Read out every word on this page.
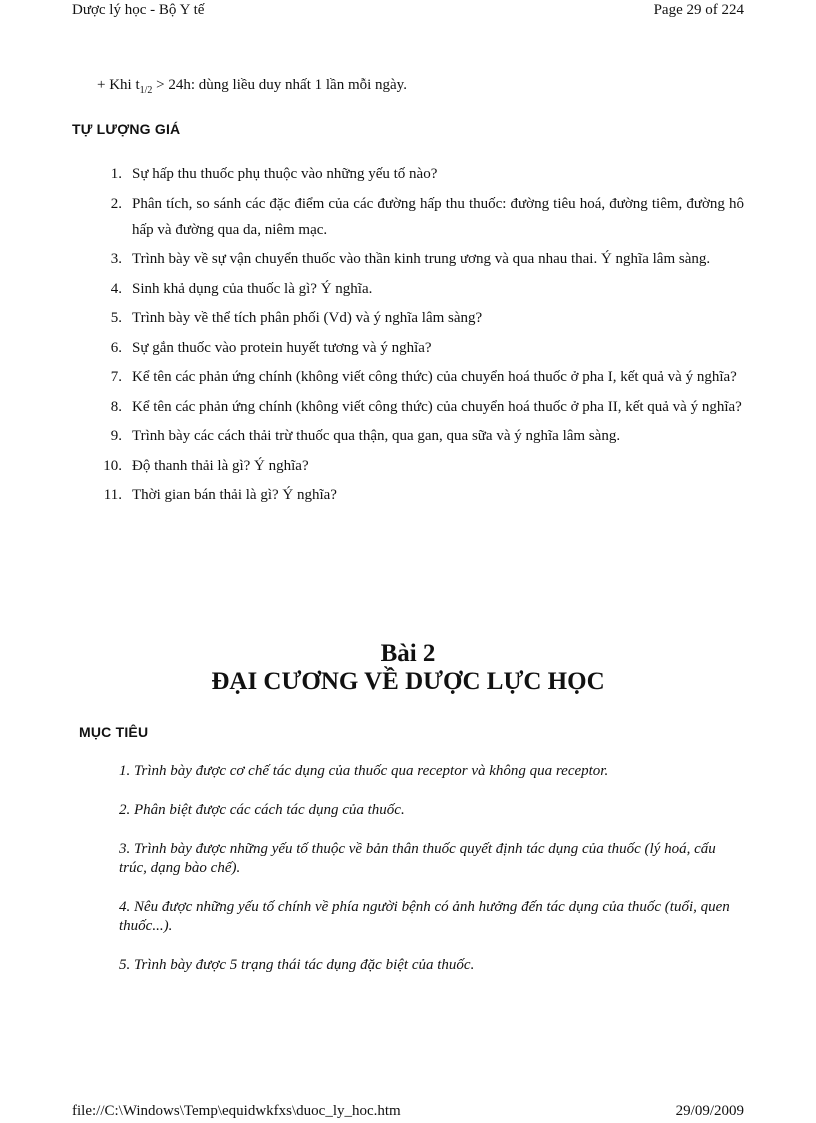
Dược lý học - Bộ Y tế	Page 29 of 224
+ Khi $t_{1/2} > 24h$: dùng liều duy nhất 1 lần mỗi ngày.
TỰ LƯỢNG GIÁ
1. Sự hấp thu thuốc phụ thuộc vào những yếu tố nào?
2. Phân tích, so sánh các đặc điểm của các đường hấp thu thuốc: đường tiêu hoá, đường tiêm, đường hô hấp và đường qua da, niêm mạc.
3. Trình bày về sự vận chuyển thuốc vào thần kinh trung ương và qua nhau thai. Ý nghĩa lâm sàng.
4. Sinh khả dụng của thuốc là gì? Ý nghĩa.
5. Trình bày về thể tích phân phối (Vd) và ý nghĩa lâm sàng?
6. Sự gắn thuốc vào protein huyết tương và ý nghĩa?
7. Kể tên các phản ứng chính (không viết công thức) của chuyển hoá thuốc ở pha I, kết quả và ý nghĩa?
8. Kể tên các phản ứng chính (không viết công thức) của chuyển hoá thuốc ở pha II, kết quả và ý nghĩa?
9. Trình bày các cách thải trừ thuốc qua thận, qua gan, qua sữa và ý nghĩa lâm sàng.
10. Độ thanh thải là gì? Ý nghĩa?
11. Thời gian bán thải là gì? Ý nghĩa?
Bài 2
ĐẠI CƯƠNG VỀ DƯỢC LỰC HỌC
MỤC TIÊU
1. Trình bày được cơ chế tác dụng của thuốc qua receptor và không qua receptor.
2. Phân biệt được các cách tác dụng của thuốc.
3. Trình bày được những yếu tố thuộc về bản thân thuốc quyết định tác dụng của thuốc (lý hoá, cấu trúc, dạng bào chế).
4. Nêu được những yếu tố chính về phía người bệnh có ảnh hưởng đến tác dụng của thuốc (tuổi, quen thuốc...).
5. Trình bày được 5 trạng thái tác dụng đặc biệt của thuốc.
file://C:\Windows\Temp\equidwkfxs\duoc_ly_hoc.htm	29/09/2009
